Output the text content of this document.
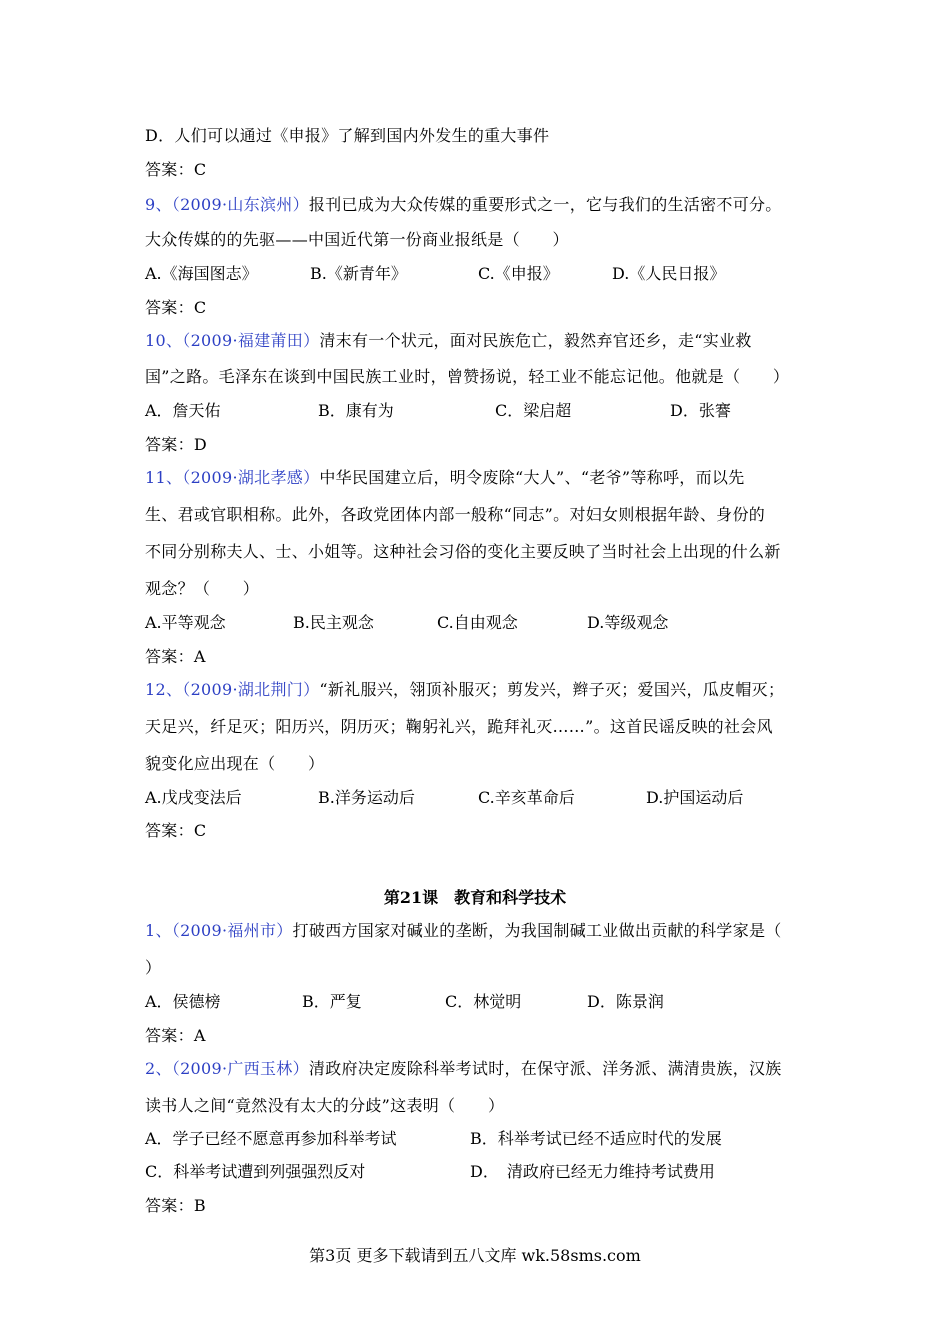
D．人们可以通过《申报》了解到国内外发生的重大事件
答案：C
9、（2009·山东滨州）报刊已成为大众传媒的重要形式之一，它与我们的生活密不可分。
大众传媒的的先驱——中国近代第一份商业报纸是（　　）
A.《海国图志》	B.《新青年》	C.《申报》	D.《人民日报》
答案：C
10、（2009·福建莆田）清末有一个状元，面对民族危亡，毅然弃官还乡，走“实业救
国”之路。毛泽东在谈到中国民族工业时，曾赞扬说，轻工业不能忘记他。他就是（　　）
A．詹天佑	B．康有为	C．梁启超	D．张謇
答案：D
11、（2009·湖北孝感）中华民国建立后，明令废除“大人”、“老爷”等称呼，而以先
生、君或官职相称。此外，各政党团体内部一般称“同志”。对妇女则根据年龄、身份的
不同分别称夫人、士、小姐等。这种社会习俗的变化主要反映了当时社会上出现的什么新
观念？（　　）
A.平等观念	B.民主观念	C.自由观念	D.等级观念
答案：A
12、（2009·湖北荆门）“新礼服兴，翎顶补服灭；剪发兴，辫子灭；爱国兴，瓜皮帽灭；
天足兴，纤足灭；阳历兴，阴历灭；鞠躬礼兴，跪拜礼灭……”。这首民谣反映的社会风
貌变化应出现在（　　）
A.戊戌变法后	B.洋务运动后	C.辛亥革命后	D.护国运动后
答案：C
第21课　教育和科学技术
1、（2009·福州市）打破西方国家对碱业的垄断，为我国制碱工业做出贡献的科学家是（
）
A．侯德榜	B．严复	C．林觉明	D．陈景润
答案：A
2、（2009·广西玉林）清政府决定废除科举考试时，在保守派、洋务派、满清贵族，汉族
读书人之间“竟然没有太大的分歧”这表明（　　）
A．学子已经不愿意再参加科举考试	B．科举考试已经不适应时代的发展
C．科举考试遭到列强强烈反对	D．　清政府已经无力维持考试费用
答案：B
第3页 更多下载请到五八文库 wk.58sms.com
